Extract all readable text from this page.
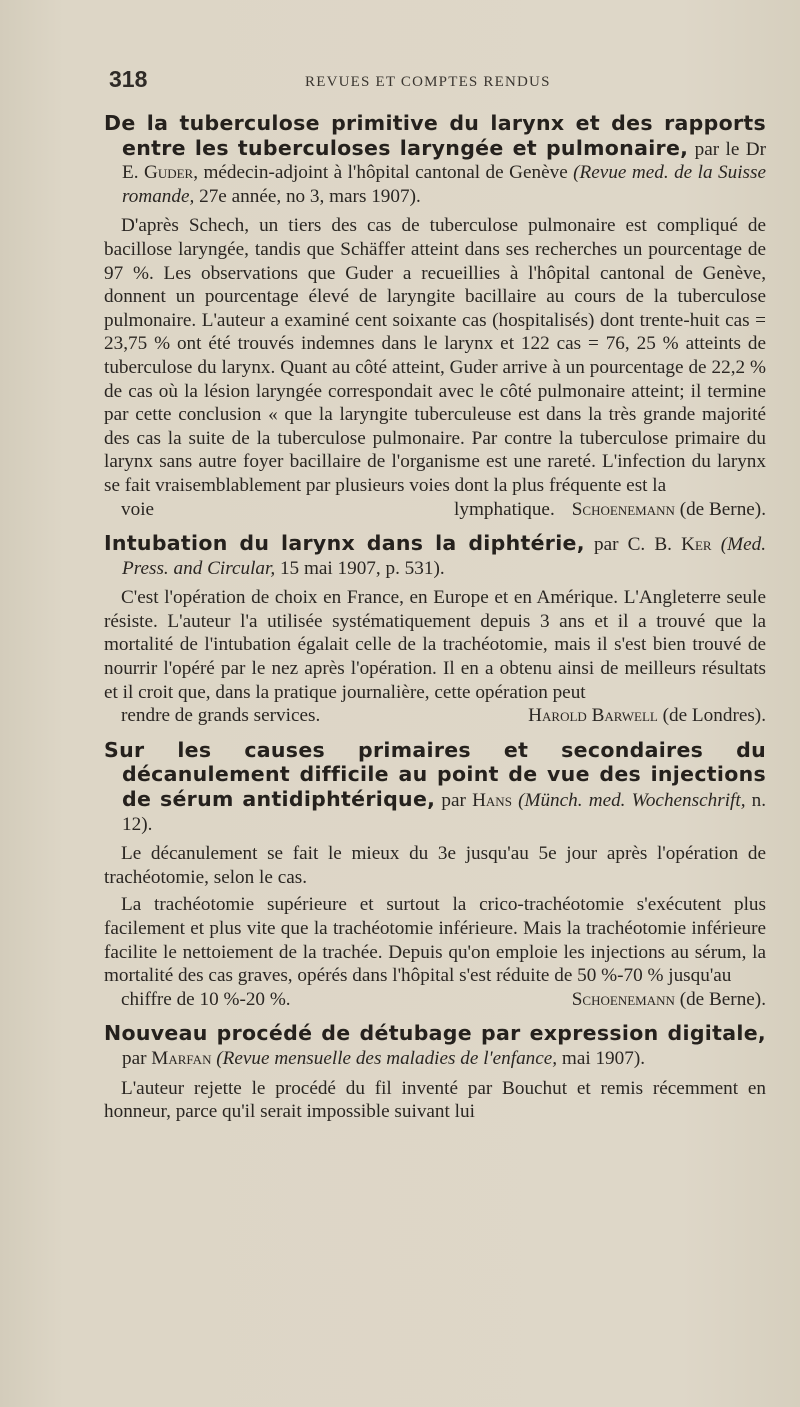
318	REVUES ET COMPTES RENDUS

De la tuberculose primitive du larynx et des rapports entre les tuberculoses laryngée et pulmonaire, par le Dr E. Guder, médecin-adjoint à l'hôpital cantonal de Genève (Revue med. de la Suisse romande, 27e année, no 3, mars 1907).

D'après Schech, un tiers des cas de tuberculose pulmonaire est compliqué de bacillose laryngée, tandis que Schäffer atteint dans ses recherches un pourcentage de 97 %. Les observations que Guder a recueillies à l'hôpital cantonal de Genève, donnent un pourcentage élevé de laryngite bacillaire au cours de la tuberculose pulmonaire. L'auteur a examiné cent soixante cas (hospitalisés) dont trente-huit cas = 23,75 % ont été trouvés indemnes dans le larynx et 122 cas = 76, 25 % atteints de tuberculose du larynx. Quant au côté atteint, Guder arrive à un pourcentage de 22,2 % de cas où la lésion laryngée correspondait avec le côté pulmonaire atteint; il termine par cette conclusion « que la laryngite tuberculeuse est dans la très grande majorité des cas la suite de la tuberculose pulmonaire. Par contre la tuberculose primaire du larynx sans autre foyer bacillaire de l'organisme est une rareté. L'infection du larynx se fait vraisemblablement par plusieurs voies dont la plus fréquente est la
voie lymphatique. Schoenemann (de Berne).

Intubation du larynx dans la diphtérie, par C. B. Ker (Med. Press. and Circular, 15 mai 1907, p. 531).

C'est l'opération de choix en France, en Europe et en Amérique. L'Angleterre seule résiste. L'auteur l'a utilisée systématiquement depuis 3 ans et il a trouvé que la mortalité de l'intubation égalait celle de la trachéotomie, mais il s'est bien trouvé de nourrir l'opéré par le nez après l'opération. Il en a obtenu ainsi de meilleurs résultats et il croit que, dans la pratique journalière, cette opération peut
rendre de grands services.	Harold Barwell (de Londres).

Sur les causes primaires et secondaires du décanulement difficile au point de vue des injections de sérum antidiphtérique, par Hans (Münch. med. Wochenschrift, n. 12).

Le décanulement se fait le mieux du 3e jusqu'au 5e jour après l'opération de trachéotomie, selon le cas.

La trachéotomie supérieure et surtout la crico-trachéotomie s'exécutent plus facilement et plus vite que la trachéotomie inférieure. Mais la trachéotomie inférieure facilite le nettoiement de la trachée. Depuis qu'on emploie les injections au sérum, la mortalité des cas graves, opérés dans l'hôpital s'est réduite de 50 %-70 % jusqu'au
chiffre de 10 %-20 %.	Schoenemann (de Berne).

Nouveau procédé de détubage par expression digitale, par Marfan (Revue mensuelle des maladies de l'enfance, mai 1907).

L'auteur rejette le procédé du fil inventé par Bouchut et remis récemment en honneur, parce qu'il serait impossible suivant lui
